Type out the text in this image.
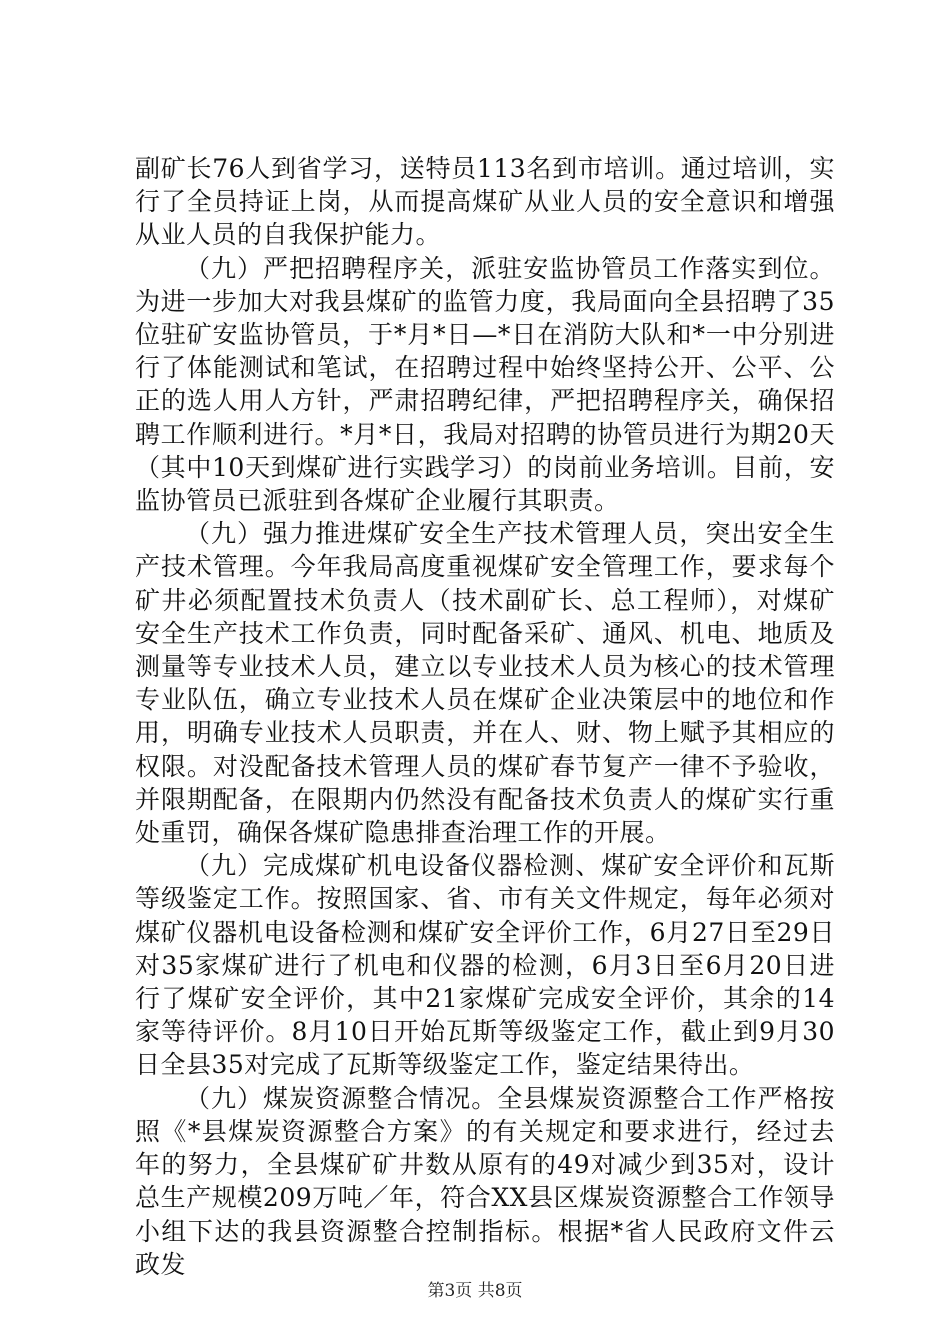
副矿长76人到省学习，送特员113名到市培训。通过培训，实行了全员持证上岗，从而提高煤矿从业人员的安全意识和增强从业人员的自我保护能力。

（九）严把招聘程序关，派驻安监协管员工作落实到位。为进一步加大对我县煤矿的监管力度，我局面向全县招聘了35位驻矿安监协管员，于*月*日—*日在消防大队和*一中分别进行了体能测试和笔试，在招聘过程中始终坚持公开、公平、公正的选人用人方针，严肃招聘纪律，严把招聘程序关，确保招聘工作顺利进行。*月*日，我局对招聘的协管员进行为期20天（其中10天到煤矿进行实践学习）的岗前业务培训。目前，安监协管员已派驻到各煤矿企业履行其职责。

（九）强力推进煤矿安全生产技术管理人员，突出安全生产技术管理。今年我局高度重视煤矿安全管理工作，要求每个矿井必须配置技术负责人（技术副矿长、总工程师），对煤矿安全生产技术工作负责，同时配备采矿、通风、机电、地质及测量等专业技术人员，建立以专业技术人员为核心的技术管理专业队伍，确立专业技术人员在煤矿企业决策层中的地位和作用，明确专业技术人员职责，并在人、财、物上赋予其相应的权限。对没配备技术管理人员的煤矿春节复产一律不予验收，并限期配备，在限期内仍然没有配备技术负责人的煤矿实行重处重罚，确保各煤矿隐患排查治理工作的开展。

（九）完成煤矿机电设备仪器检测、煤矿安全评价和瓦斯等级鉴定工作。按照国家、省、市有关文件规定，每年必须对煤矿仪器机电设备检测和煤矿安全评价工作，6月27日至29日对35家煤矿进行了机电和仪器的检测，6月3日至6月20日进行了煤矿安全评价，其中21家煤矿完成安全评价，其余的14家等待评价。8月10日开始瓦斯等级鉴定工作，截止到9月30日全县35对完成了瓦斯等级鉴定工作，鉴定结果待出。

（九）煤炭资源整合情况。全县煤炭资源整合工作严格按照《*县煤炭资源整合方案》的有关规定和要求进行，经过去年的努力，全县煤矿矿井数从原有的49对减少到35对，设计总生产规模209万吨／年，符合XX县区煤炭资源整合工作领导小组下达的我县资源整合控制指标。根据*省人民政府文件云政发

第3页 共8页
